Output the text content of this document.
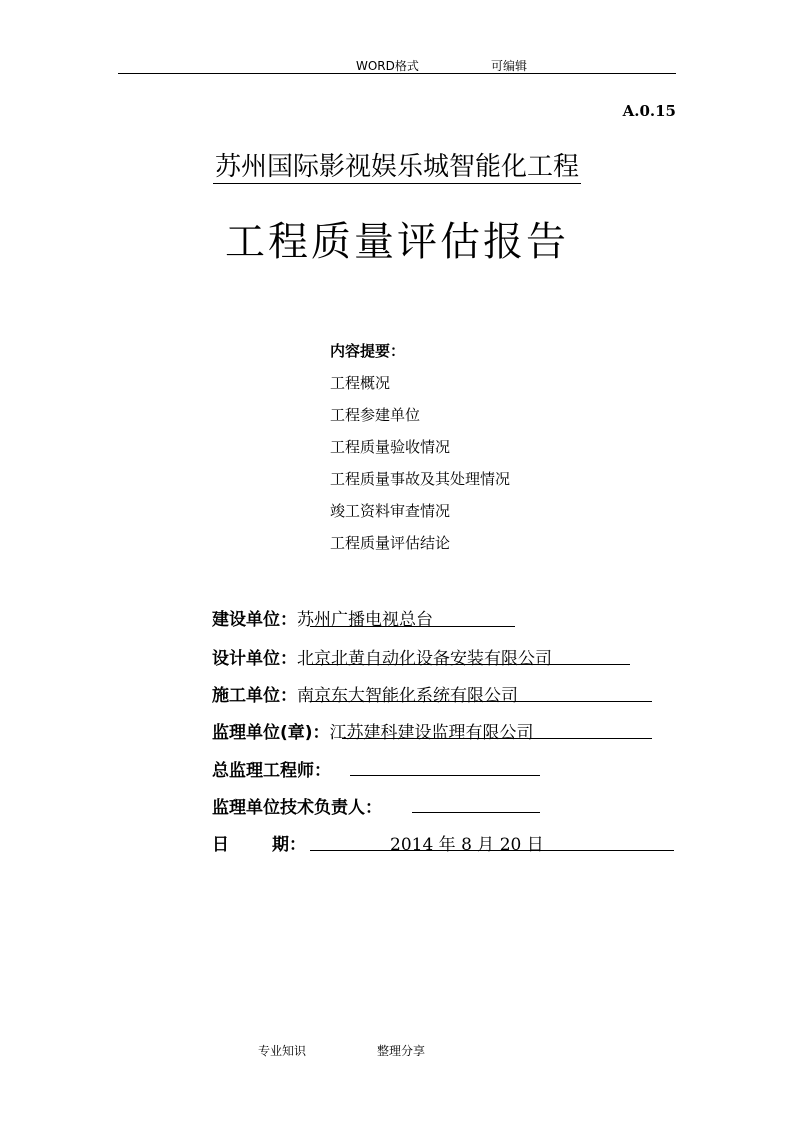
WORD格式	可编辑
A.0.15
苏州国际影视娱乐城智能化工程
工程质量评估报告
内容提要：
工程概况
工程参建单位
工程质量验收情况
工程质量事故及其处理情况
竣工资料审查情况
工程质量评估结论
建设单位：苏州广播电视总台
设计单位：北京北黄自动化设备安装有限公司
施工单位：南京东大智能化系统有限公司
监理单位(章)：江苏建科建设监理有限公司
总监理工程师：
监理单位技术负责人：
日	期：	2014 年 8 月 20 日
专业知识	整理分享
